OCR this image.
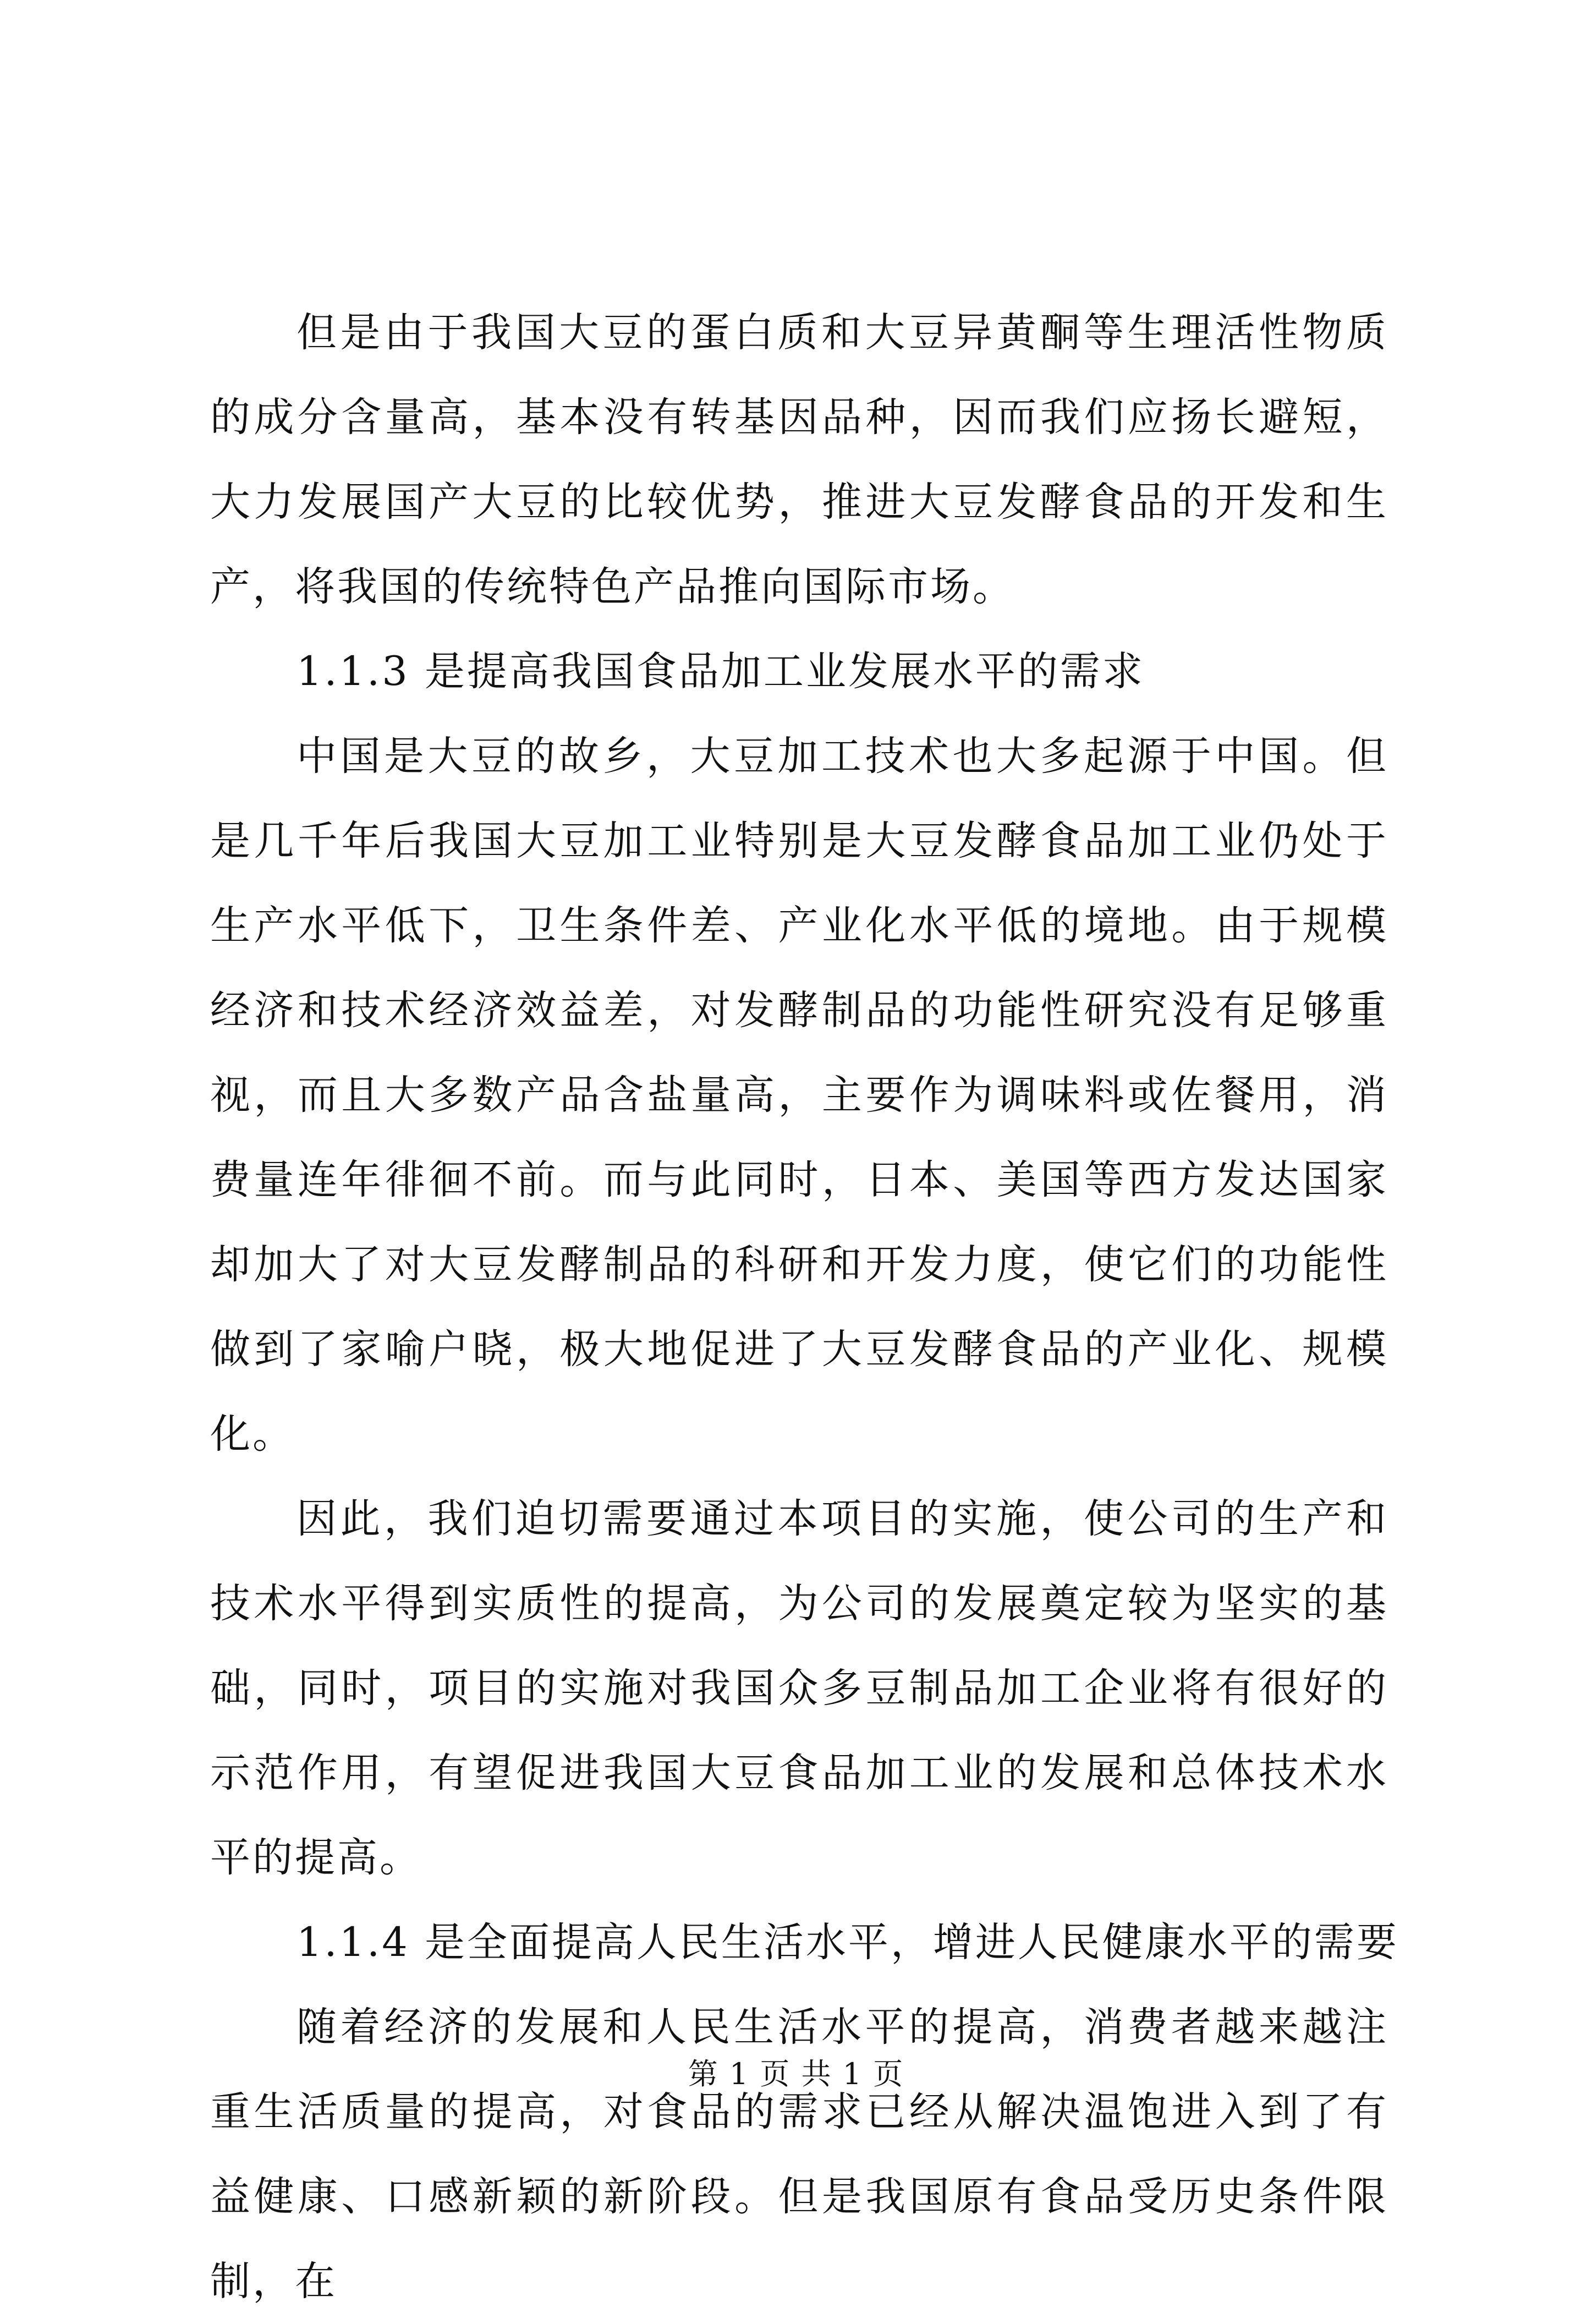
但是由于我国大豆的蛋白质和大豆异黄酮等生理活性物质的成分含量高，基本没有转基因品种，因而我们应扬长避短，大力发展国产大豆的比较优势，推进大豆发酵食品的开发和生产，将我国的传统特色产品推向国际市场。

1.1.3 是提高我国食品加工业发展水平的需求

中国是大豆的故乡，大豆加工技术也大多起源于中国。但是几千年后我国大豆加工业特别是大豆发酵食品加工业仍处于生产水平低下，卫生条件差、产业化水平低的境地。由于规模经济和技术经济效益差，对发酵制品的功能性研究没有足够重视，而且大多数产品含盐量高，主要作为调味料或佐餐用，消费量连年徘徊不前。而与此同时，日本、美国等西方发达国家却加大了对大豆发酵制品的科研和开发力度，使它们的功能性做到了家喻户晓，极大地促进了大豆发酵食品的产业化、规模化。

因此，我们迫切需要通过本项目的实施，使公司的生产和技术水平得到实质性的提高，为公司的发展奠定较为坚实的基础，同时，项目的实施对我国众多豆制品加工企业将有很好的示范作用，有望促进我国大豆食品加工业的发展和总体技术水平的提高。

1.1.4 是全面提高人民生活水平，增进人民健康水平的需要

随着经济的发展和人民生活水平的提高，消费者越来越注重生活质量的提高，对食品的需求已经从解决温饱进入到了有益健康、口感新颖的新阶段。但是我国原有食品受历史条件限制，在

第 1 页 共 1 页
